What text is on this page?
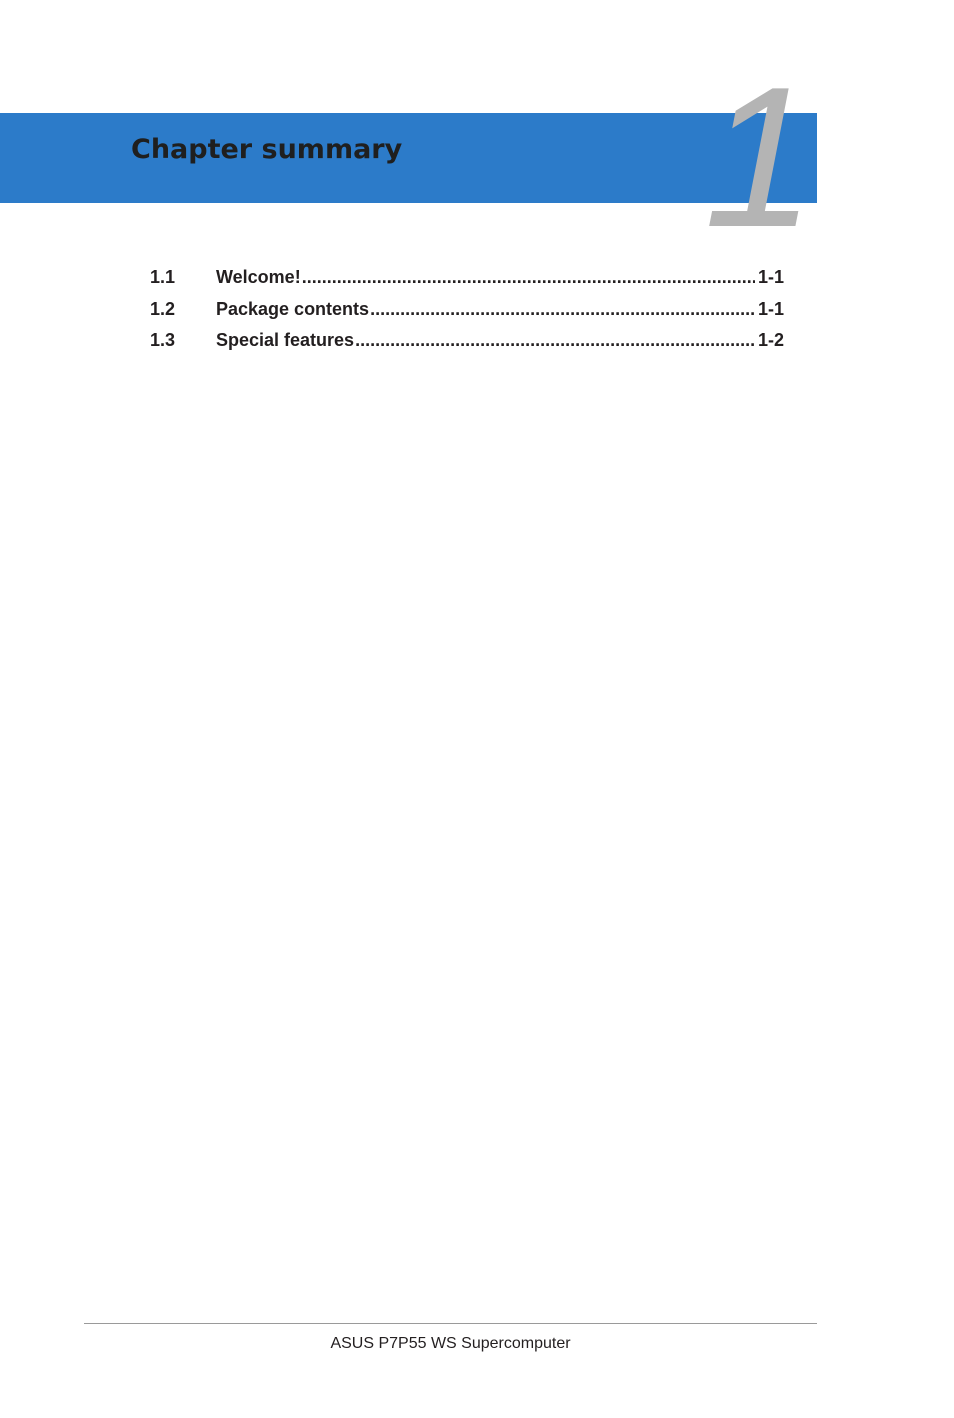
Chapter summary 1
1.1	Welcome! .....	1-1
1.2	Package contents .....	1-1
1.3	Special features .....	1-2
ASUS P7P55 WS Supercomputer
